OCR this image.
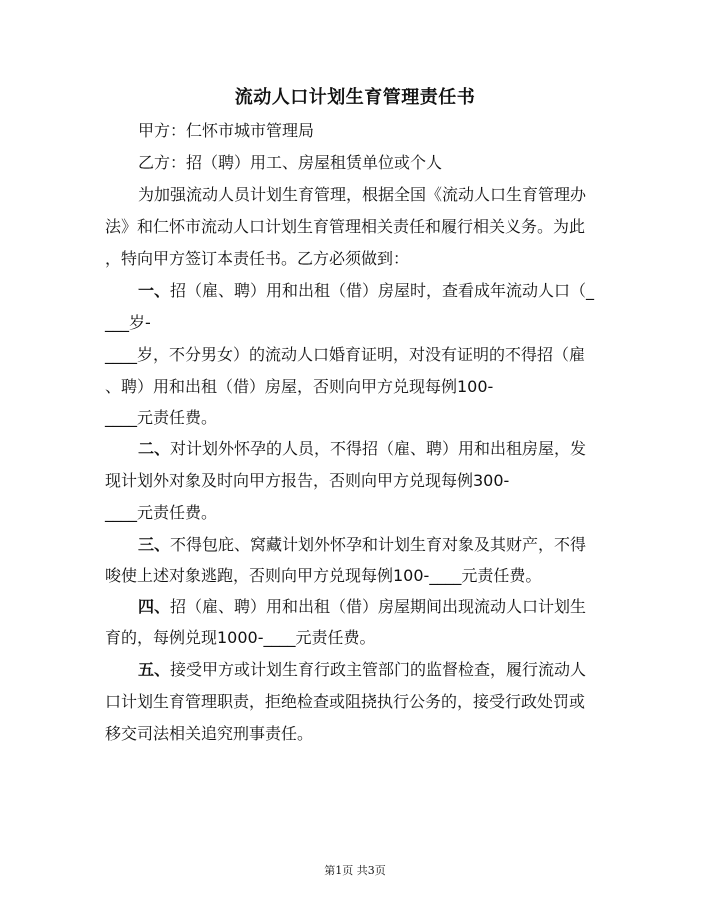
流动人口计划生育管理责任书
甲方：仁怀市城市管理局
乙方：招（聘）用工、房屋租赁单位或个人
为加强流动人员计划生育管理，根据全国《流动人口生育管理办
法》和仁怀市流动人口计划生育管理相关责任和履行相关义务。为此
，特向甲方签订本责任书。乙方必须做到：
一、招（雇、聘）用和出租（借）房屋时，查看成年流动人口（_
___岁-
____岁，不分男女）的流动人口婚育证明，对没有证明的不得招（雇
、聘）用和出租（借）房屋，否则向甲方兑现每例100-
____元责任费。
二、对计划外怀孕的人员，不得招（雇、聘）用和出租房屋，发
现计划外对象及时向甲方报告，否则向甲方兑现每例300-
____元责任费。
三、不得包庇、窝藏计划外怀孕和计划生育对象及其财产，不得
唆使上述对象逃跑，否则向甲方兑现每例100-____元责任费。
四、招（雇、聘）用和出租（借）房屋期间出现流动人口计划生
育的，每例兑现1000-____元责任费。
五、接受甲方或计划生育行政主管部门的监督检查，履行流动人
口计划生育管理职责，拒绝检查或阻挠执行公务的，接受行政处罚或
移交司法相关追究刑事责任。
第1页 共3页
